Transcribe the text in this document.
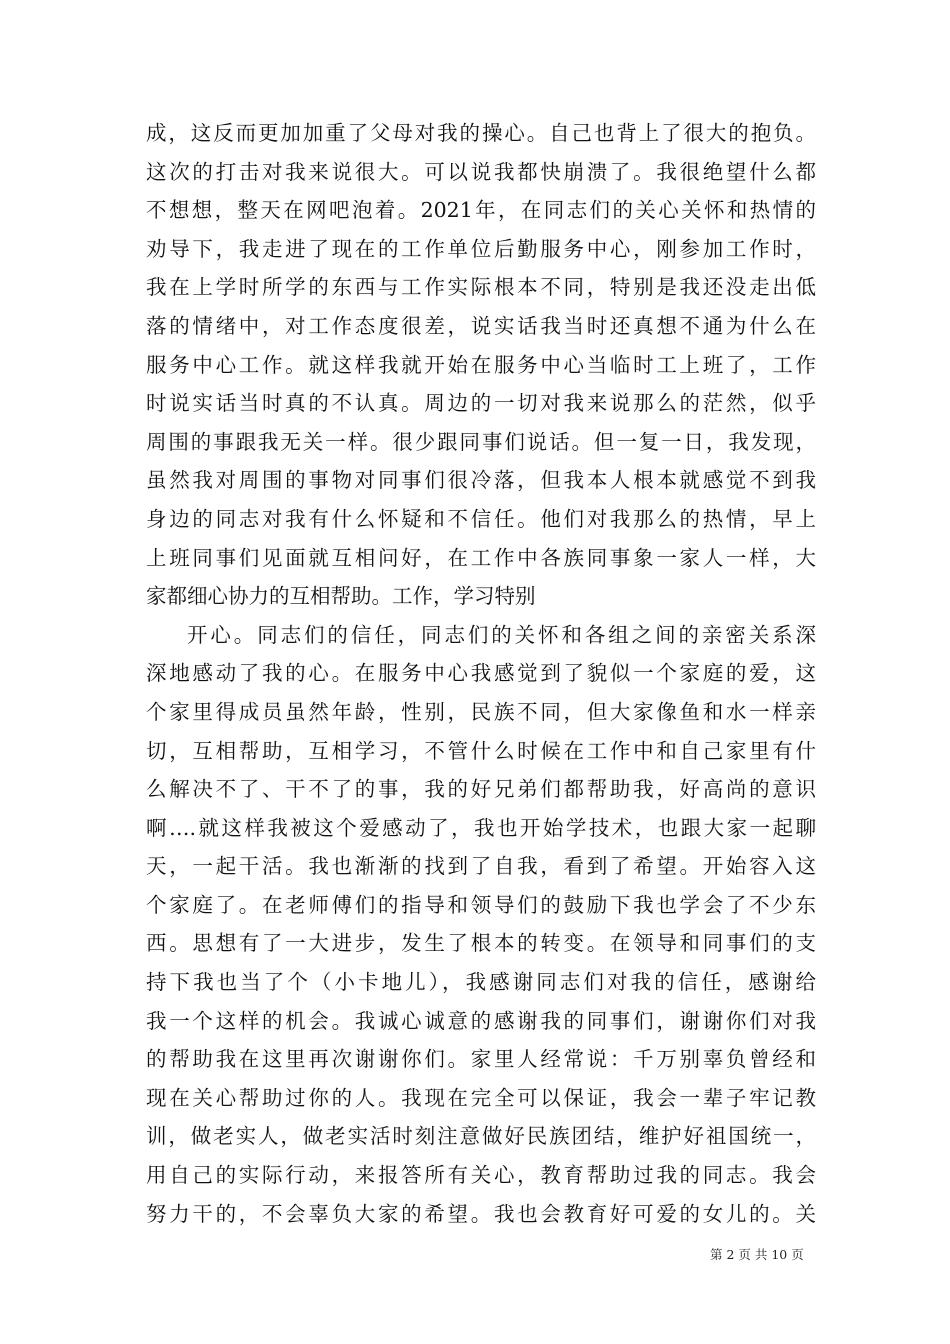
成，这反而更加加重了父母对我的操心。自己也背上了很大的抱负。
这次的打击对我来说很大。可以说我都快崩溃了。我很绝望什么都
不想想，整天在网吧泡着。2021年，在同志们的关心关怀和热情的
劝导下，我走进了现在的工作单位后勤服务中心，刚参加工作时，
我在上学时所学的东西与工作实际根本不同，特别是我还没走出低
落的情绪中，对工作态度很差，说实话我当时还真想不通为什么在
服务中心工作。就这样我就开始在服务中心当临时工上班了，工作
时说实话当时真的不认真。周边的一切对我来说那么的茫然，似乎
周围的事跟我无关一样。很少跟同事们说话。但一复一日，我发现，
虽然我对周围的事物对同事们很冷落，但我本人根本就感觉不到我
身边的同志对我有什么怀疑和不信任。他们对我那么的热情，早上
上班同事们见面就互相问好，在工作中各族同事象一家人一样，大
家都细心协力的互相帮助。工作，学习特别
开心。同志们的信任，同志们的关怀和各组之间的亲密关系深
深地感动了我的心。在服务中心我感觉到了貌似一个家庭的爱，这
个家里得成员虽然年龄，性别，民族不同，但大家像鱼和水一样亲
切，互相帮助，互相学习，不管什么时候在工作中和自己家里有什
么解决不了、干不了的事，我的好兄弟们都帮助我，好高尚的意识
啊….就这样我被这个爱感动了，我也开始学技术，也跟大家一起聊
天，一起干活。我也渐渐的找到了自我，看到了希望。开始容入这
个家庭了。在老师傅们的指导和领导们的鼓励下我也学会了不少东
西。思想有了一大进步，发生了根本的转变。在领导和同事们的支
持下我也当了个（小卡地儿），我感谢同志们对我的信任，感谢给
我一个这样的机会。我诚心诚意的感谢我的同事们，谢谢你们对我
的帮助我在这里再次谢谢你们。家里人经常说：千万别辜负曾经和
现在关心帮助过你的人。我现在完全可以保证，我会一辈子牢记教
训，做老实人，做老实活时刻注意做好民族团结，维护好祖国统一，
用自己的实际行动，来报答所有关心，教育帮助过我的同志。我会
努力干的，不会辜负大家的希望。我也会教育好可爱的女儿的。关
第 2 页 共 10 页
